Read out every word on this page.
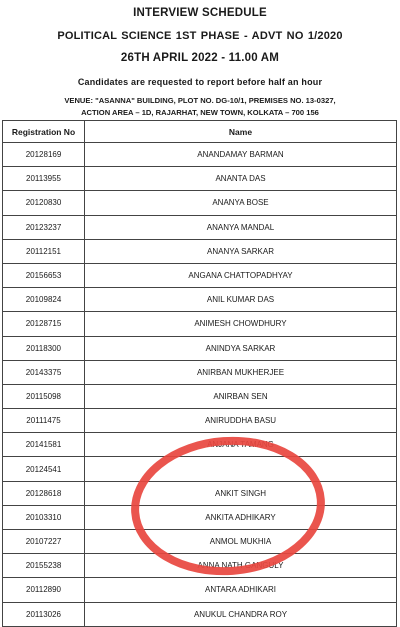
INTERVIEW SCHEDULE
POLITICAL SCIENCE 1ST PHASE - ADVT NO 1/2020
26TH APRIL 2022 - 11.00 AM
Candidates are requested to report before half an hour
VENUE: "ASANNA" BUILDING, PLOT NO. DG-10/1, PREMISES NO. 13-0327,
ACTION AREA – 1D, RAJARHAT, NEW TOWN, KOLKATA – 700 156
Registration No	Name
20128169	ANANDAMAY BARMAN
20113955	ANANTA DAS
20120830	ANANYA BOSE
20123237	ANANYA MANDAL
20112151	ANANYA SARKAR
20156653	ANGANA CHATTOPADHYAY
20109824	ANIL KUMAR DAS
20128715	ANIMESH CHOWDHURY
20118300	ANINDYA SARKAR
20143375	ANIRBAN MUKHERJEE
20115098	ANIRBAN SEN
20111475	ANIRUDDHA BASU
20141581	ANJANA TAMANG
20124541	
20128618	ANKIT SINGH
20103310	ANKITA ADHIKARY
20107227	ANMOL MUKHIA
20155238	ANNA NATH GANGULY
20112890	ANTARA ADHIKARI
20113026	ANUKUL CHANDRA ROY
